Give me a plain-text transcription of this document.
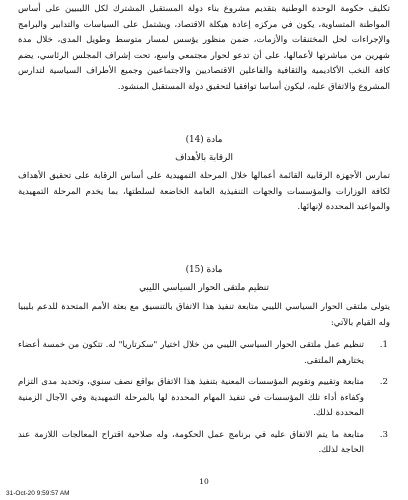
تكليف حكومة الوحدة الوطنية بتقديم مشروع بناء دولة المستقبل المشترك لكل الليبيين على أساس المواطنة المتساوية، يكون في مركزه إعادة هيكلة الاقتصاد، ويشتمل على السياسات والتدابير والبرامج والإجراءات لحل المختنقات والأزمات، ضمن منظور يؤسس لمسار متوسط وطويل المدى، خلال مدة شهرين من مباشرتها لأعمالها، على أن تدعو لحوار مجتمعي واسع، تحت إشراف المجلس الرئاسي، يضم كافة النخب الأكاديمية والثقافية والفاعلين الاقتصاديين والاجتماعيين وجميع الأطراف السياسية لتدارس المشروع والاتفاق عليه، ليكون أساسا توافقيا لتحقيق دولة المستقبل المنشود.
مادة (14)
الرقابة بالأهداف
تمارس الأجهزة الرقابية القائمة أعمالها خلال المرحلة التمهيدية على أساس الرقابة على تحقيق الأهداف لكافة الوزارات والمؤسسات والجهات التنفيذية العامة الخاضعة لسلطتها، بما يخدم المرحلة التمهيدية والمواعيد المحددة لإنهائها.
مادة (15)
تنظيم ملتقى الحوار السياسي الليبي
يتولى ملتقى الحوار السياسي الليبي متابعة تنفيذ هذا الاتفاق بالتنسيق مع بعثة الأمم المتحدة للدعم بليبيا وله القيام بالآتي:
1.
تنظيم عمل ملتقى الحوار السياسي الليبي من خلال اختيار "سكرتاريا" له. تتكون من خمسة أعضاء يختارهم الملتقى.
2.
متابعة وتقييم وتقويم المؤسسات المعنية بتنفيذ هذا الاتفاق بواقع نصف سنوي، وتحديد مدى التزام وكفاءة أداء تلك المؤسسات في تنفيذ المهام المحددة لها بالمرحلة التمهيدية وفي الآجال الزمنية المحددة لذلك.
3.
متابعة ما يتم الاتفاق عليه في برنامج عمل الحكومة، وله صلاحية اقتراح المعالجات اللازمة عند الحاجة لذلك.
10
31-Oct-20 9:59:57 AM
